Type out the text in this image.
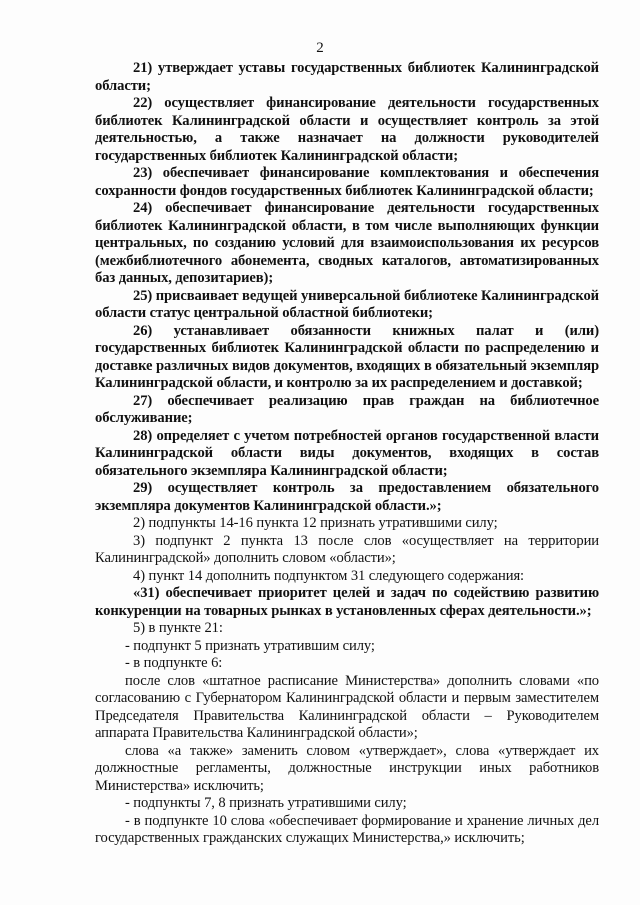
2

21) утверждает уставы государственных библиотек Калининградской области;

22) осуществляет финансирование деятельности государственных библиотек Калининградской области и осуществляет контроль за этой деятельностью, а также назначает на должности руководителей государственных библиотек Калининградской области;

23) обеспечивает финансирование комплектования и обеспечения сохранности фондов государственных библиотек Калининградской области;

24) обеспечивает финансирование деятельности государственных библиотек Калининградской области, в том числе выполняющих функции центральных, по созданию условий для взаимоиспользования их ресурсов (межбиблиотечного абонемента, сводных каталогов, автоматизированных баз данных, депозитариев);

25) присваивает ведущей универсальной библиотеке Калининградской области статус центральной областной библиотеки;

26) устанавливает обязанности книжных палат и (или) государственных библиотек Калининградской области по распределению и доставке различных видов документов, входящих в обязательный экземпляр Калининградской области, и контролю за их распределением и доставкой;

27) обеспечивает реализацию прав граждан на библиотечное обслуживание;

28) определяет с учетом потребностей органов государственной власти Калининградской области виды документов, входящих в состав обязательного экземпляра Калининградской области;

29) осуществляет контроль за предоставлением обязательного экземпляра документов Калининградской области.»;

2) подпункты 14-16 пункта 12 признать утратившими силу;

3) подпункт 2 пункта 13 после слов «осуществляет на территории Калининградской» дополнить словом «области»;

4) пункт 14 дополнить подпунктом 31 следующего содержания:

«31) обеспечивает приоритет целей и задач по содействию развитию конкуренции на товарных рынках в установленных сферах деятельности.»;

5) в пункте 21:

- подпункт 5 признать утратившим силу;

- в подпункте 6:

после слов «штатное расписание Министерства» дополнить словами «по согласованию с Губернатором Калининградской области и первым заместителем Председателя Правительства Калининградской области – Руководителем аппарата Правительства Калининградской области»;

слова «а также» заменить словом «утверждает», слова «утверждает их должностные регламенты, должностные инструкции иных работников Министерства» исключить;

- подпункты 7, 8 признать утратившими силу;

- в подпункте 10 слова «обеспечивает формирование и хранение личных дел государственных гражданских служащих Министерства,» исключить;
